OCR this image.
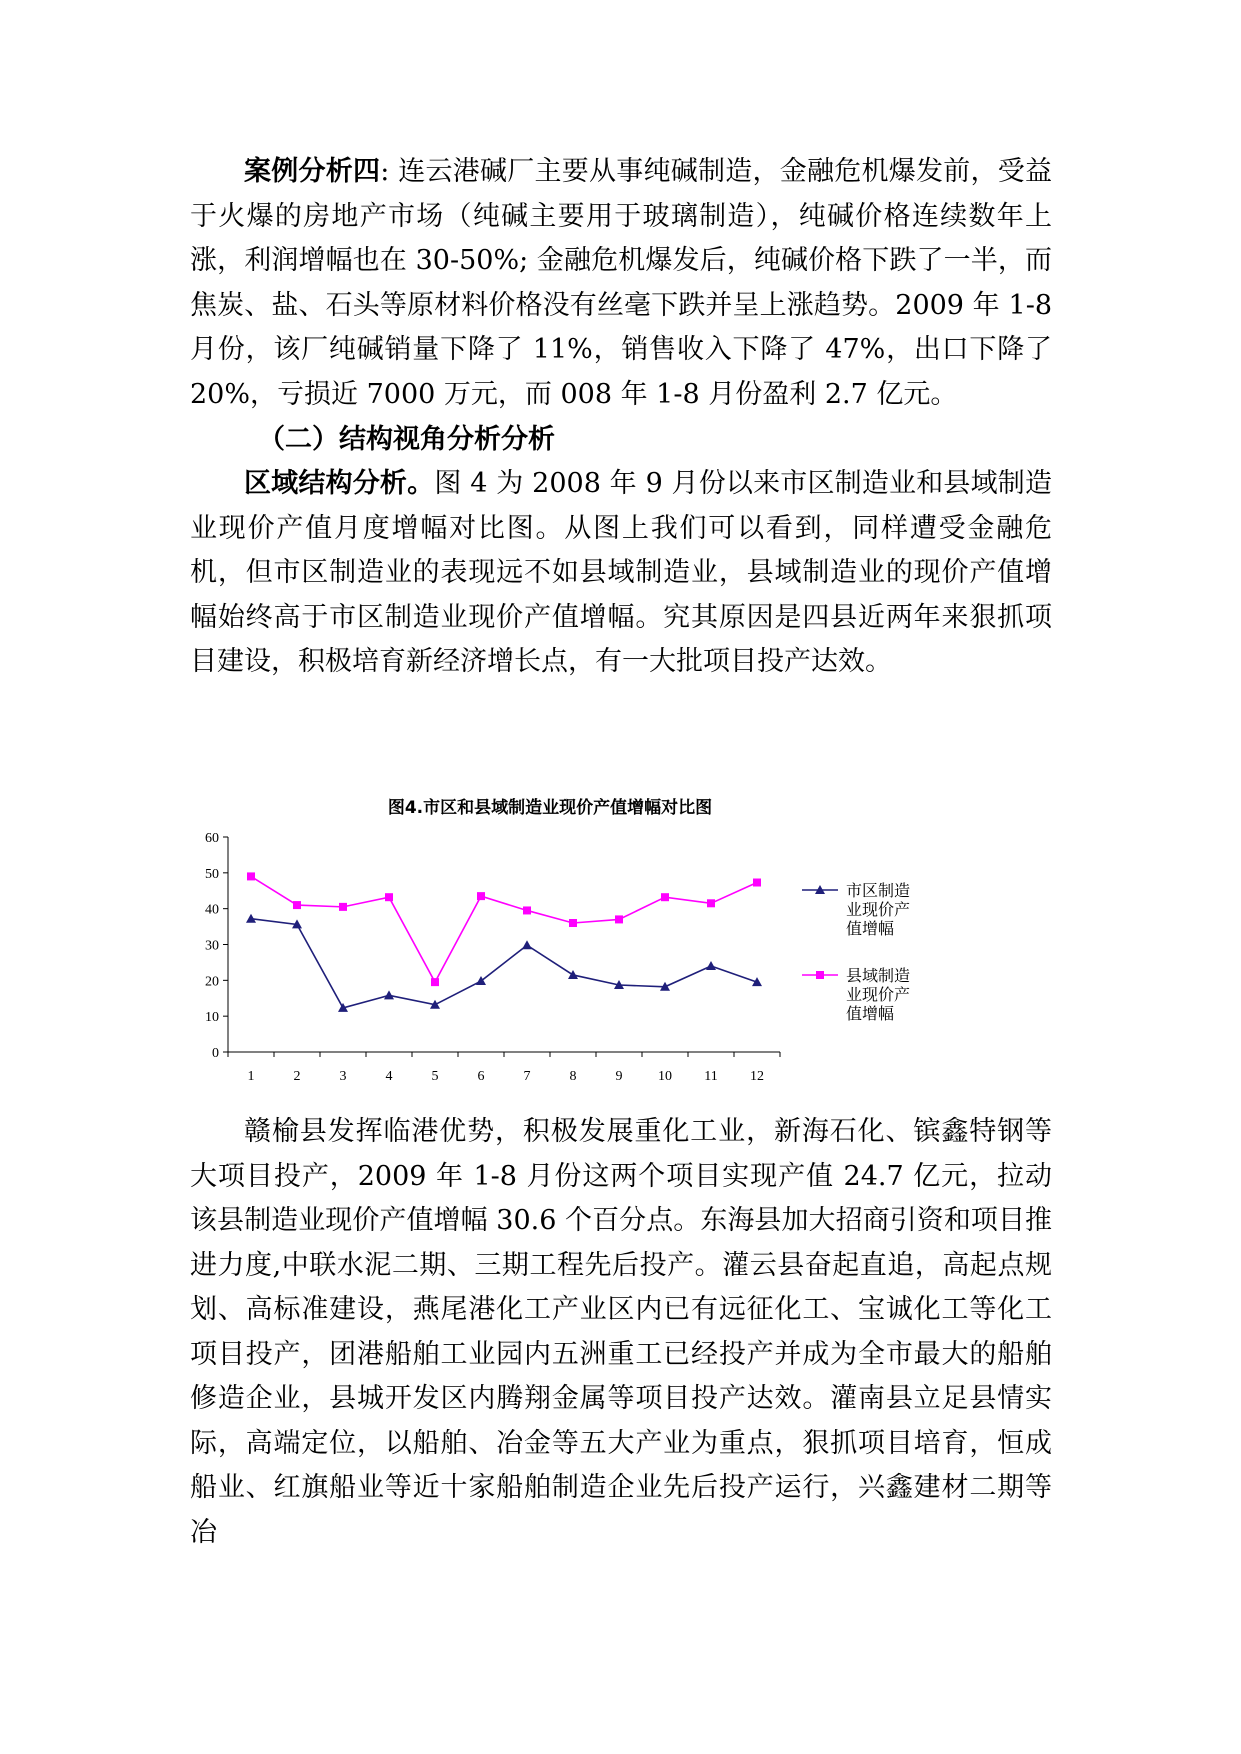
案例分析四: 连云港碱厂主要从事纯碱制造，金融危机爆发前，受益于火爆的房地产市场（纯碱主要用于玻璃制造），纯碱价格连续数年上涨，利润增幅也在 30-50%; 金融危机爆发后，纯碱价格下跌了一半，而焦炭、盐、石头等原材料价格没有丝毫下跌并呈上涨趋势。2009 年 1-8 月份，该厂纯碱销量下降了 11%，销售收入下降了 47%，出口下降了 20%，亏损近 7000 万元，而 008 年 1-8 月份盈利 2.7 亿元。

（二）结构视角分析分析

区域结构分析。图 4 为 2008 年 9 月份以来市区制造业和县域制造业现价产值月度增幅对比图。从图上我们可以看到，同样遭受金融危机，但市区制造业的表现远不如县域制造业，县域制造业的现价产值增幅始终高于市区制造业现价产值增幅。究其原因是四县近两年来狠抓项目建设，积极培育新经济增长点，有一大批项目投产达效。

图4.市区和县域制造业现价产值增幅对比图
0
10
20
30
40
50
60
1	2	3	4	5	6	7	8	9	10 11 12
市区制造
业现价产
值增幅
县域制造
业现价产
值增幅

赣榆县发挥临港优势，积极发展重化工业，新海石化、镔鑫特钢等大项目投产，2009 年 1-8 月份这两个项目实现产值 24.7 亿元，拉动该县制造业现价产值增幅 30.6 个百分点。东海县加大招商引资和项目推进力度,中联水泥二期、三期工程先后投产。灌云县奋起直追，高起点规划、高标准建设，燕尾港化工产业区内已有远征化工、宝诚化工等化工项目投产，团港船舶工业园内五洲重工已经投产并成为全市最大的船舶修造企业，县城开发区内腾翔金属等项目投产达效。灌南县立足县情实际，高端定位，以船舶、冶金等五大产业为重点，狠抓项目培育，恒成船业、红旗船业等近十家船舶制造企业先后投产运行，兴鑫建材二期等冶
